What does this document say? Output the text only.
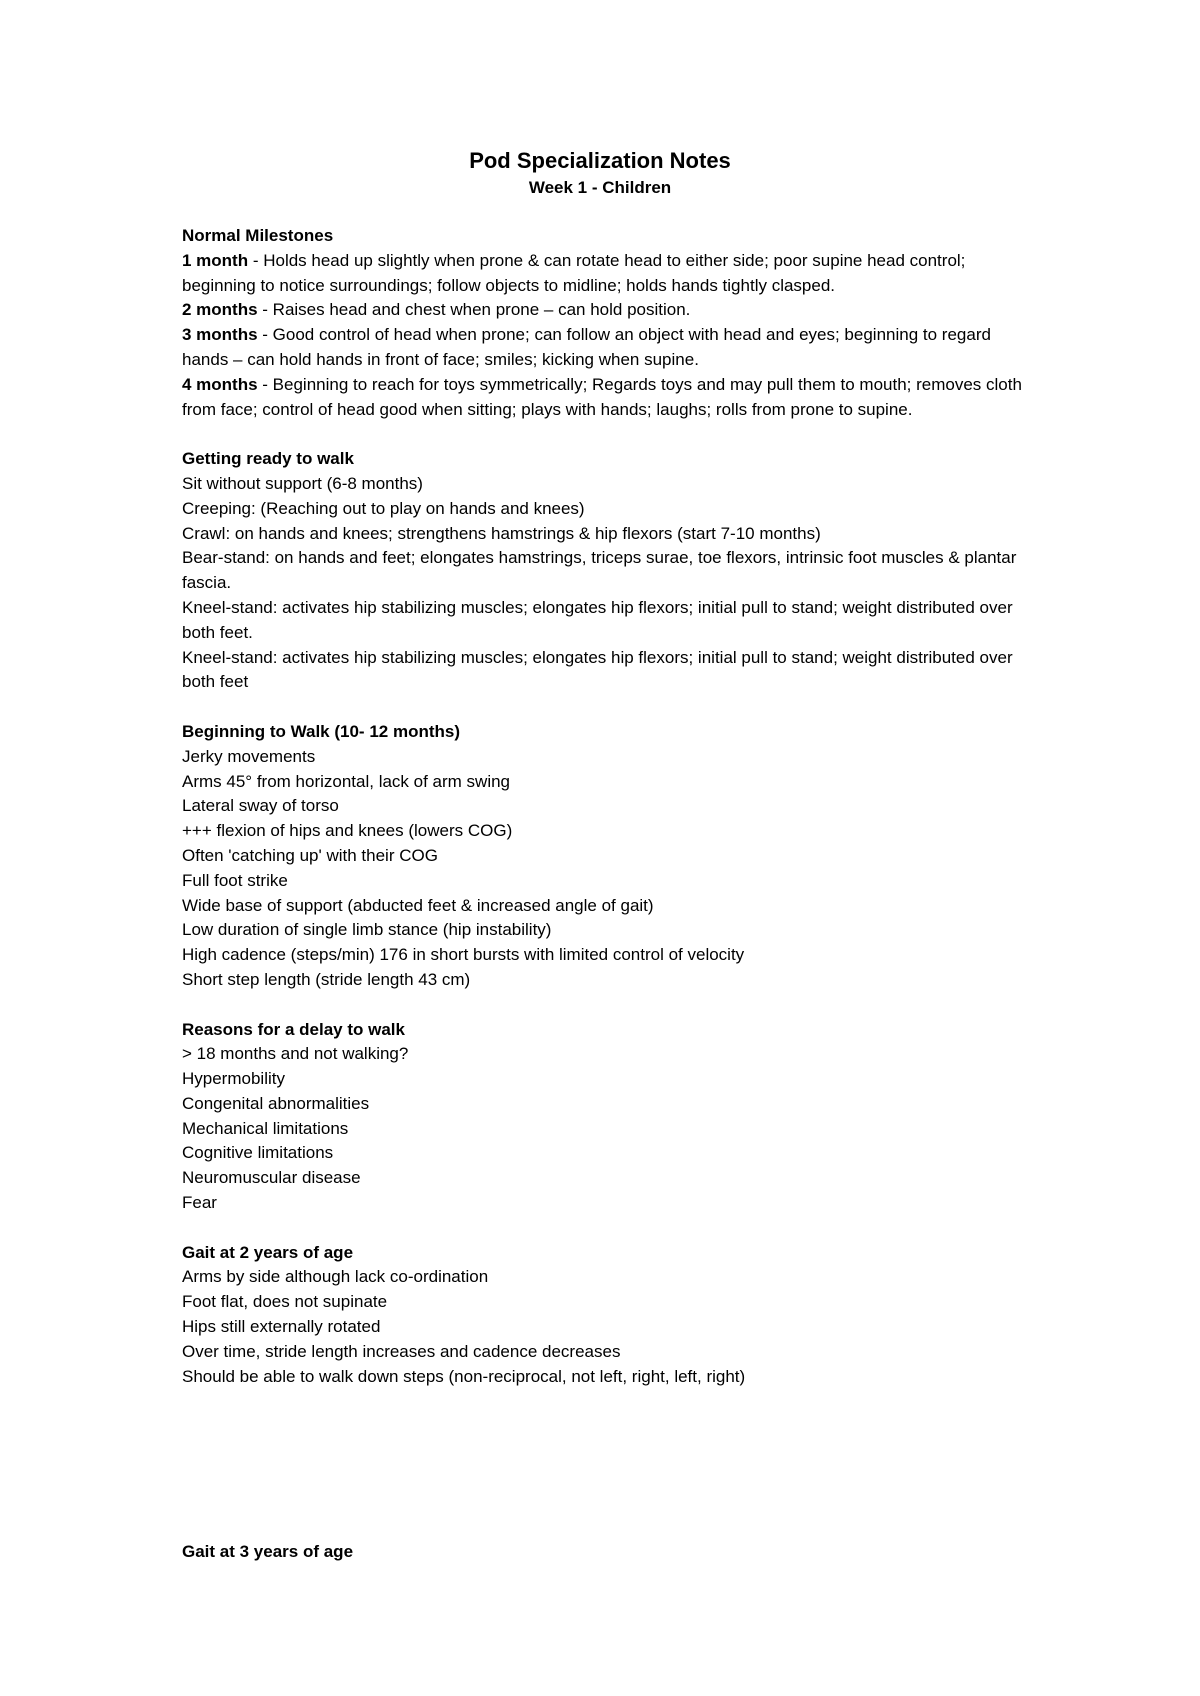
Pod Specialization Notes
Week 1 - Children

Normal Milestones

1 month - Holds head up slightly when prone & can rotate head to either side; poor supine head control; beginning to notice surroundings; follow objects to midline; holds hands tightly clasped.

2 months - Raises head and chest when prone – can hold position.

3 months - Good control of head when prone; can follow an object with head and eyes; beginning to regard hands – can hold hands in front of face; smiles; kicking when supine.

4 months - Beginning to reach for toys symmetrically; Regards toys and may pull them to mouth; removes cloth from face; control of head good when sitting; plays with hands; laughs; rolls from prone to supine.

Getting ready to walk

Sit without support (6-8 months)

Creeping: (Reaching out to play on hands and knees)

Crawl: on hands and knees; strengthens hamstrings & hip flexors (start 7-10 months)

Bear-stand: on hands and feet; elongates hamstrings, triceps surae, toe flexors, intrinsic foot muscles & plantar fascia.

Kneel-stand: activates hip stabilizing muscles; elongates hip flexors; initial pull to stand; weight distributed over both feet.

Kneel-stand: activates hip stabilizing muscles; elongates hip flexors; initial pull to stand; weight distributed over both feet

Beginning to Walk (10- 12 months)

Jerky movements

Arms 45° from horizontal, lack of arm swing

Lateral sway of torso

+++ flexion of hips and knees (lowers COG)

Often 'catching up' with their COG

Full foot strike

Wide base of support (abducted feet & increased angle of gait)

Low duration of single limb stance (hip instability)

High cadence (steps/min) 176 in short bursts with limited control of velocity

Short step length (stride length 43 cm)

Reasons for a delay to walk

> 18 months and not walking?

Hypermobility

Congenital abnormalities

Mechanical limitations

Cognitive limitations

Neuromuscular disease

Fear

Gait at 2 years of age

Arms by side although lack co-ordination

Foot flat, does not supinate

Hips still externally rotated

Over time, stride length increases and cadence decreases

Should be able to walk down steps (non-reciprocal, not left, right, left, right)

Gait at 3 years of age
